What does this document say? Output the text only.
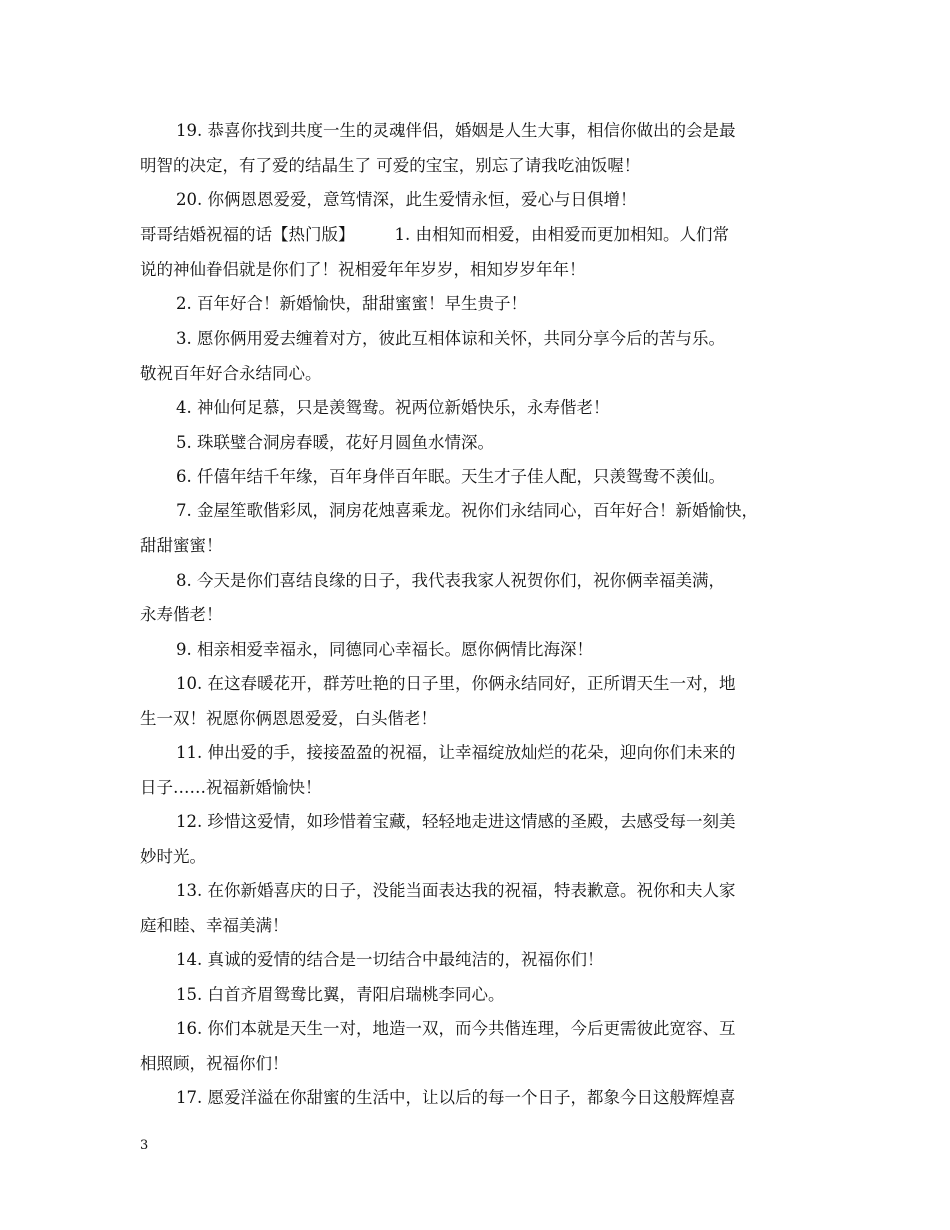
19. 恭喜你找到共度一生的灵魂伴侣，婚姻是人生大事，相信你做出的会是最
明智的决定，有了爱的结晶生了 可爱的宝宝，别忘了请我吃油饭喔！
20. 你俩恩恩爱爱，意笃情深，此生爱情永恒，爱心与日俱增！
哥哥结婚祝福的话【热门版】 1. 由相知而相爱，由相爱而更加相知。人们常
说的神仙眷侣就是你们了！祝相爱年年岁岁，相知岁岁年年！
2. 百年好合！新婚愉快，甜甜蜜蜜！早生贵子！
3. 愿你俩用爱去缠着对方，彼此互相体谅和关怀，共同分享今后的苦与乐。
敬祝百年好合永结同心。
4. 神仙何足慕，只是羡鸳鸯。祝两位新婚快乐，永寿偕老！
5. 珠联璧合洞房春暖，花好月圆鱼水情深。
6. 仟僖年结千年缘，百年身伴百年眠。天生才子佳人配，只羡鸳鸯不羡仙。
7. 金屋笙歌偕彩凤，洞房花烛喜乘龙。祝你们永结同心，百年好合！新婚愉快，
甜甜蜜蜜！
8. 今天是你们喜结良缘的日子，我代表我家人祝贺你们，祝你俩幸福美满，
永寿偕老！
9. 相亲相爱幸福永，同德同心幸福长。愿你俩情比海深！
10. 在这春暖花开，群芳吐艳的日子里，你俩永结同好，正所谓天生一对，地
生一双！祝愿你俩恩恩爱爱，白头偕老！
11. 伸出爱的手，接接盈盈的祝福，让幸福绽放灿烂的花朵，迎向你们未来的
日子……祝福新婚愉快！
12. 珍惜这爱情，如珍惜着宝藏，轻轻地走进这情感的圣殿，去感受每一刻美
妙时光。
13. 在你新婚喜庆的日子，没能当面表达我的祝福，特表歉意。祝你和夫人家
庭和睦、幸福美满！
14. 真诚的爱情的结合是一切结合中最纯洁的，祝福你们！
15. 白首齐眉鸳鸯比翼，青阳启瑞桃李同心。
16. 你们本就是天生一对，地造一双，而今共偕连理，今后更需彼此宽容、互
相照顾，祝福你们！
17. 愿爱洋溢在你甜蜜的生活中，让以后的每一个日子，都象今日这般辉煌喜
3
